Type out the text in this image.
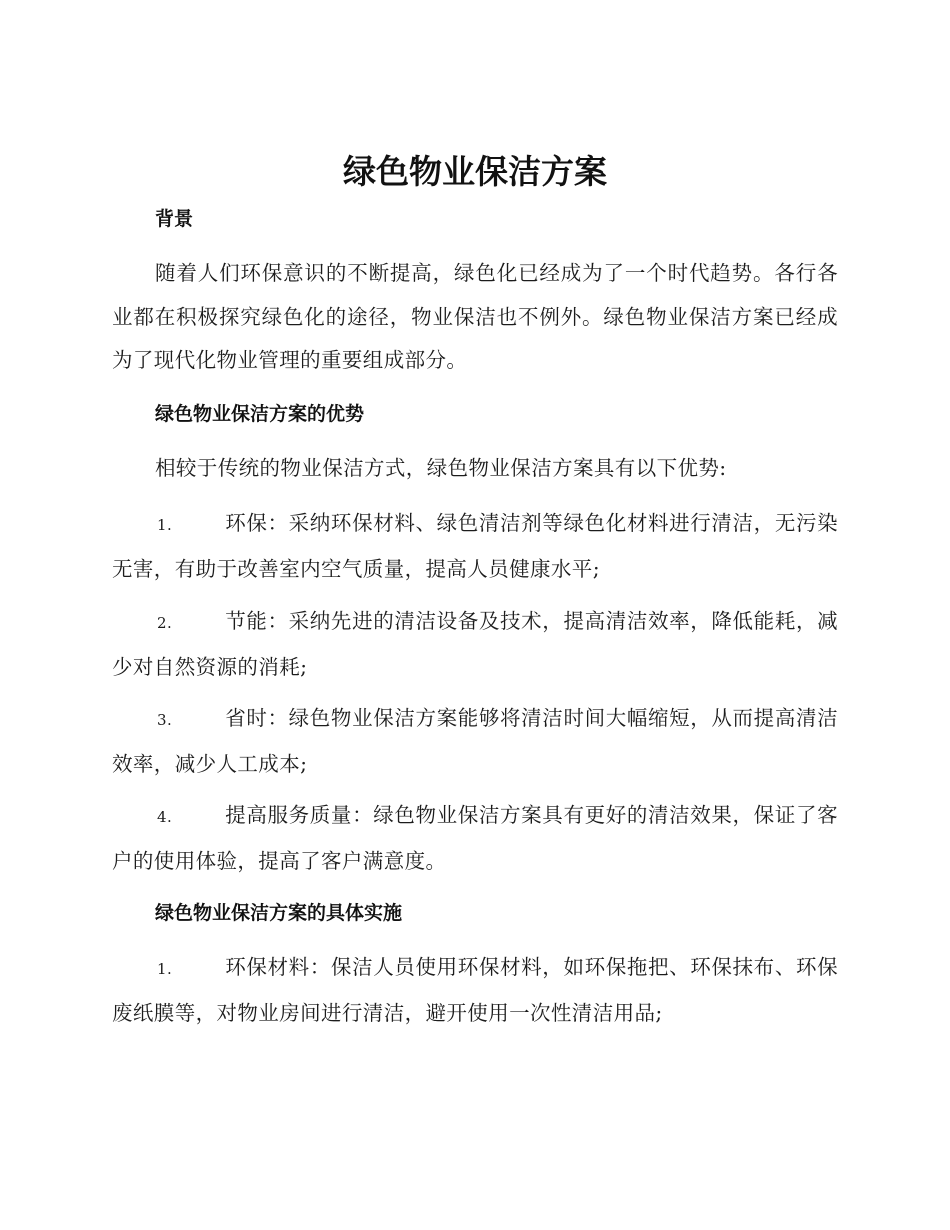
绿色物业保洁方案
背景

随着人们环保意识的不断提高，绿色化已经成为了一个时代趋势。各行各业都在积极探究绿色化的途径，物业保洁也不例外。绿色物业保洁方案已经成为了现代化物业管理的重要组成部分。

绿色物业保洁方案的优势

相较于传统的物业保洁方式，绿色物业保洁方案具有以下优势:

1.	环保：采纳环保材料、绿色清洁剂等绿色化材料进行清洁，无污染无害，有助于改善室内空气质量，提高人员健康水平;

2.	节能：采纳先进的清洁设备及技术，提高清洁效率，降低能耗，减少对自然资源的消耗;

3.	省时：绿色物业保洁方案能够将清洁时间大幅缩短，从而提高清洁效率，减少人工成本;

4.	提高服务质量：绿色物业保洁方案具有更好的清洁效果，保证了客户的使用体验，提高了客户满意度。

绿色物业保洁方案的具体实施

1.	环保材料：保洁人员使用环保材料，如环保拖把、环保抹布、环保废纸膜等，对物业房间进行清洁，避开使用一次性清洁用品;
